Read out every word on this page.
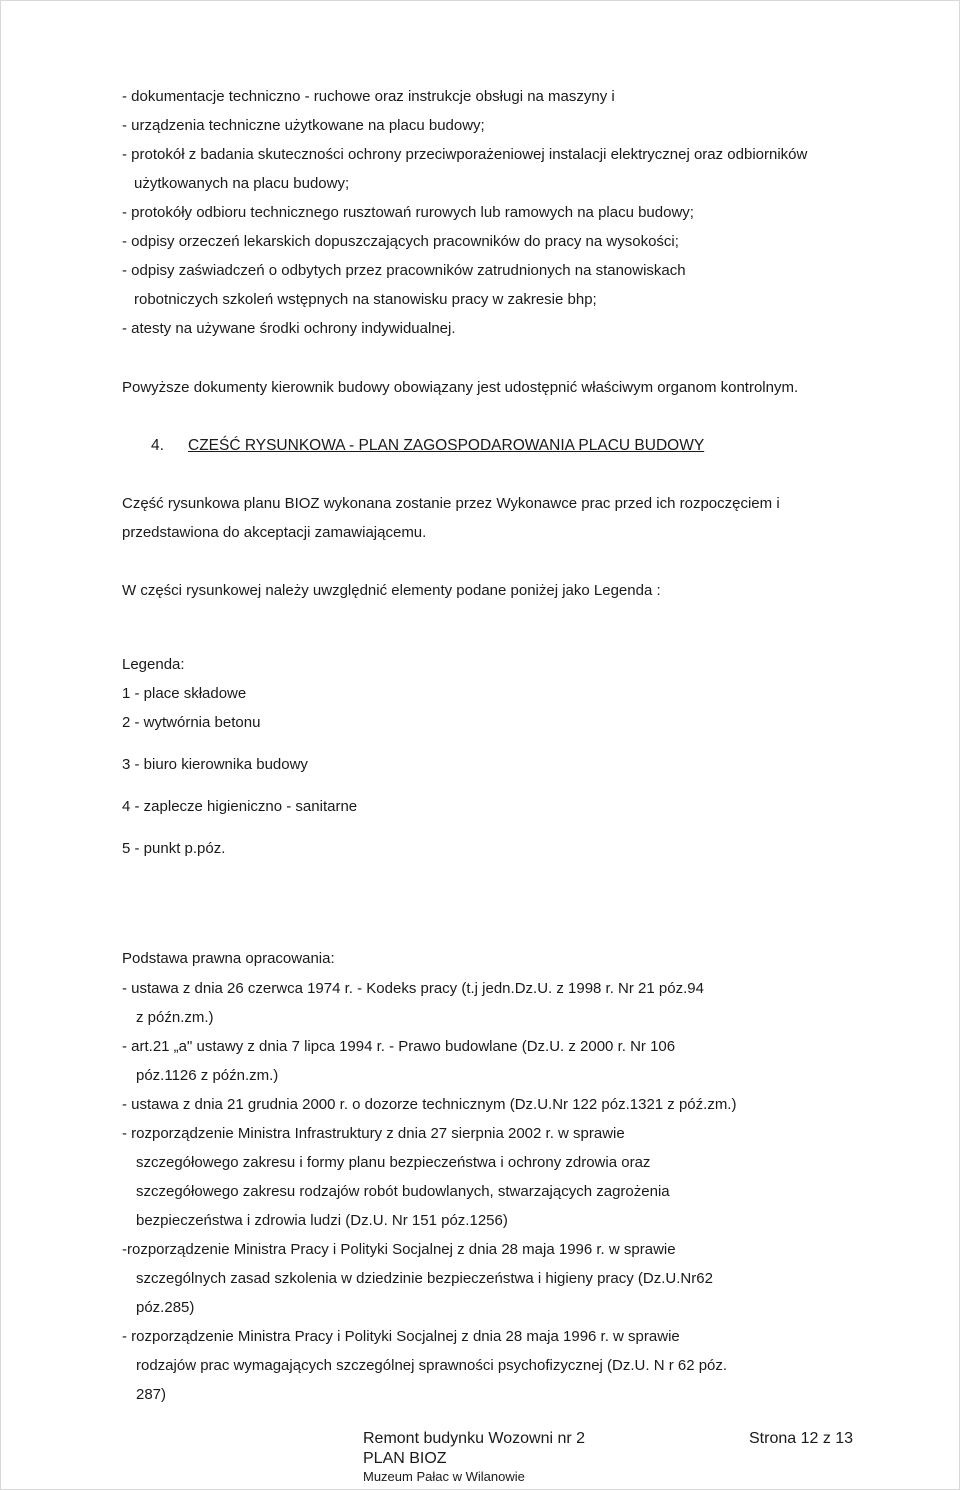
- dokumentacje techniczno - ruchowe oraz instrukcje obsługi na maszyny i
- urządzenia techniczne użytkowane na placu budowy;
- protokół z badania skuteczności ochrony przeciwporażeniowej instalacji elektrycznej oraz odbiorników
użytkowanych na placu budowy;
- protokóły odbioru technicznego rusztowań rurowych lub ramowych na placu budowy;
- odpisy orzeczeń lekarskich dopuszczających pracowników do pracy na wysokości;
- odpisy zaświadczeń o odbytych przez pracowników zatrudnionych na stanowiskach
robotniczych szkoleń wstępnych na stanowisku pracy w zakresie bhp;
- atesty na używane środki ochrony indywidualnej.
Powyższe dokumenty kierownik budowy obowiązany jest udostępnić właściwym organom kontrolnym.
4. CZEŚĆ RYSUNKOWA - PLAN ZAGOSPODAROWANIA PLACU BUDOWY
Część rysunkowa planu BIOZ wykonana zostanie przez Wykonawce prac przed ich rozpoczęciem i
przedstawiona do akceptacji zamawiającemu.
W części rysunkowej należy uwzględnić elementy podane poniżej jako Legenda :
Legenda:
1 - place składowe
2 - wytwórnia betonu
3 - biuro kierownika budowy
4 - zaplecze higieniczno - sanitarne
5 - punkt p.póz.
Podstawa prawna opracowania:
- ustawa z dnia 26 czerwca 1974 r. - Kodeks pracy (t.j jedn.Dz.U. z 1998 r. Nr 21 póz.94
z późn.zm.)
- art.21 „a" ustawy z dnia 7 lipca 1994 r. - Prawo budowlane (Dz.U. z 2000 r. Nr 106
póz.1126 z późn.zm.)
- ustawa z dnia 21 grudnia 2000 r. o dozorze technicznym (Dz.U.Nr 122 póz.1321 z póź.zm.)
- rozporządzenie Ministra Infrastruktury z dnia 27 sierpnia 2002 r. w sprawie
szczegółowego zakresu i formy planu bezpieczeństwa i ochrony zdrowia oraz
szczegółowego zakresu rodzajów robót budowlanych, stwarzających zagrożenia
bezpieczeństwa i zdrowia ludzi (Dz.U. Nr 151 póz.1256)
-rozporządzenie Ministra Pracy i Polityki Socjalnej z dnia 28 maja 1996 r. w sprawie
szczególnych zasad szkolenia w dziedzinie bezpieczeństwa i higieny pracy (Dz.U.Nr62
póz.285)
- rozporządzenie Ministra Pracy i Polityki Socjalnej z dnia 28 maja 1996 r. w sprawie
rodzajów prac wymagających szczególnej sprawności psychofizycznej (Dz.U. N r 62 póz.
287)
Remont budynku Wozowni nr 2
PLAN BIOZ
Muzeum Pałac w Wilanowie
Strona 12 z 13
